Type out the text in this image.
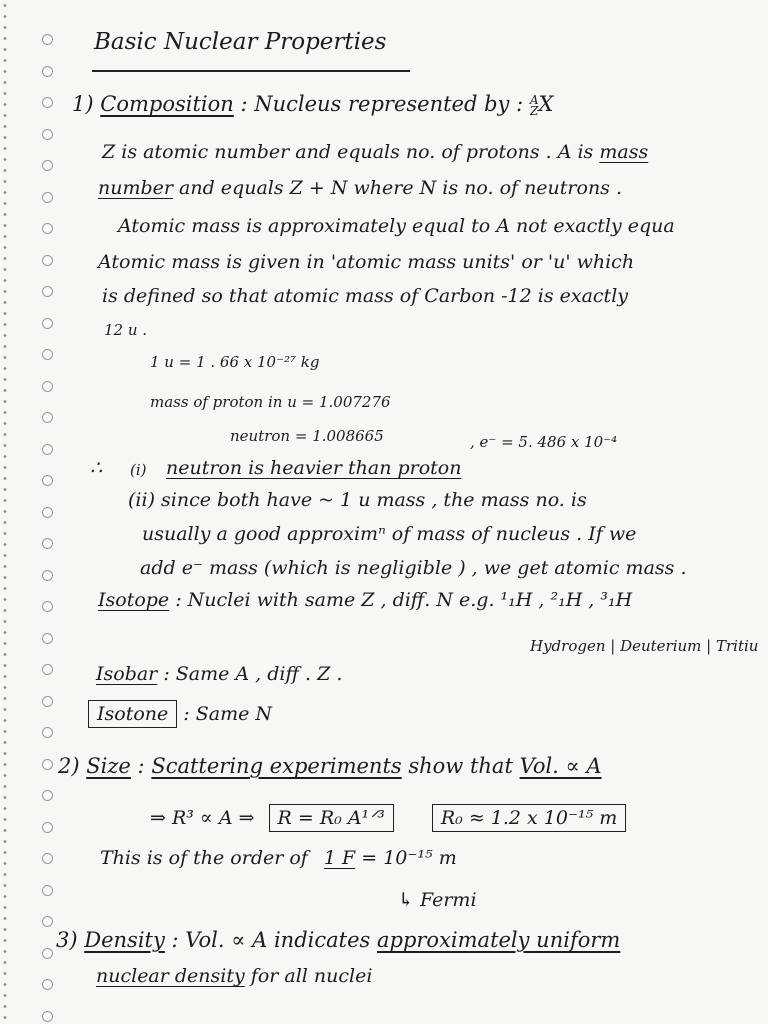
Basic Nuclear Properties
1) Composition : Nucleus represented by : A
ZX
Z is atomic number and equals no. of protons . A is mass
number and equals Z + N where N is no. of neutrons .
Atomic mass is approximately equal to A not exactly equa
Atomic mass is given in 'atomic mass units' or 'u' which
is defined so that atomic mass of Carbon -12 is exactly
12 u .
1 u = 1 . 66 x 10⁻²⁷ kg
mass of proton in u = 1.007276
neutron = 1.008665	, e⁻ = 5. 486 x 10⁻⁴
∴ (i) neutron is heavier than proton
(ii) since both have ~ 1 u mass , the mass no. is
usually a good approximⁿ of mass of nucleus . If we
add e⁻ mass (which is negligible ) , we get atomic mass .
Isotope : Nuclei with same Z , diff. N e.g. ¹₁H , ²₁H , ³₁H
Hydrogen | Deuterium | Tritiu
Isobar : Same A , diff . Z .
Isotone : Same N
2) Size : Scattering experiments show that Vol. ∝ A
⇒ R³ ∝ A ⇒ R = R₀ A¹ᐟ³	R₀ ≈ 1.2 x 10⁻¹⁵ m
This is of the order of 1 F = 10⁻¹⁵ m
↳ Fermi
3) Density : Vol. ∝ A indicates approximately uniform
nuclear density for all nuclei
